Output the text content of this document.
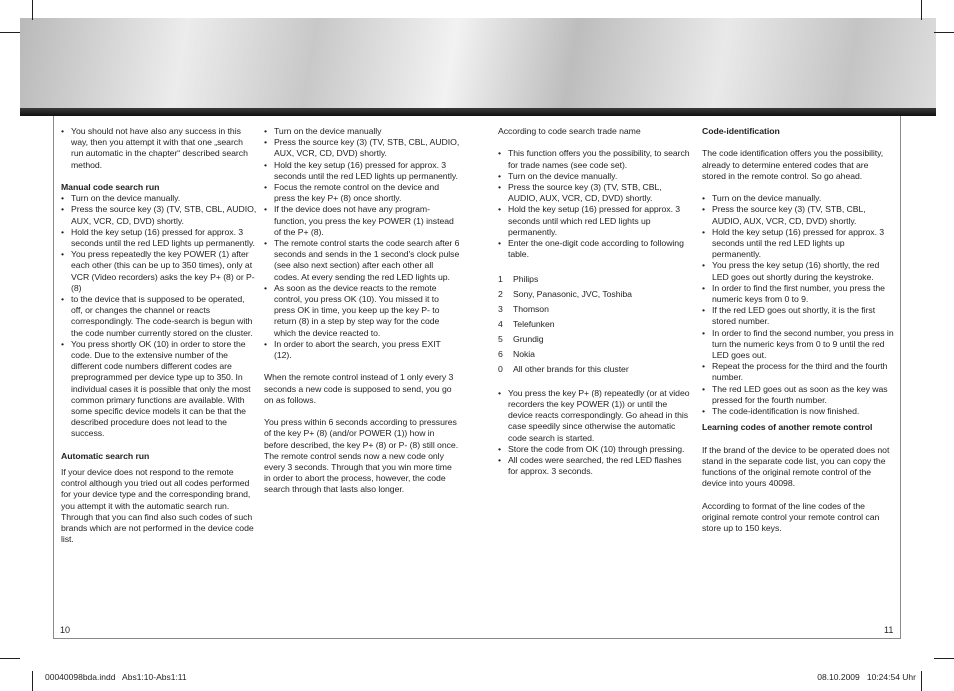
• You should not have also any success in this way, then you attempt it with that one „search run automatic in the chapter“ described search method.
Manual code search run
• Turn on the device manually.
• Press the source key (3) (TV, STB, CBL, AUDIO, AUX, VCR, CD, DVD) shortly.
• Hold the key setup (16) pressed for approx. 3 seconds until the red LED lights up permanently.
• You press repeatedly the key POWER (1) after each other (this can be up to 350 times), only at VCR (Video recorders) asks the key P+ (8) or P- (8)
• to the device that is supposed to be operated, off, or changes the channel or reacts correspondingly. The code-search is begun with the code number currently stored on the cluster.
• You press shortly OK (10) in order to store the code. Due to the extensive number of the different code numbers different codes are preprogrammed per device type up to 350. In individual cases it is possible that only the most common primary functions are available. With some specific device models it can be that the described procedure does not lead to the success.
Automatic search run

If your device does not respond to the remote control although you tried out all codes performed for your device type and the corresponding brand, you attempt it with the automatic search run. Through that you can find also such codes of such brands which are not performed in the device code list.

• Turn on the device manually
• Press the source key (3) (TV, STB, CBL, AUDIO, AUX, VCR, CD, DVD) shortly.
• Hold the key setup (16) pressed for approx. 3 seconds until the red LED lights up permanently.
• Focus the remote control on the device and press the key P+ (8) once shortly.
• If the device does not have any program-function, you press the key POWER (1) instead of the P+ (8).
• The remote control starts the code search after 6 seconds and sends in the 1 second's clock pulse (see also next section) after each other all codes. At every sending the red LED lights up.
• As soon as the device reacts to the remote control, you press OK (10). You missed it to press OK in time, you keep up the key P- to return (8) in a step by step way for the code which the device reacted to.
• In order to abort the search, you press EXIT (12).

When the remote control instead of 1 only every 3 seconds a new code is supposed to send, you go on as follows.

You press within 6 seconds according to pressures of the key P+ (8) (and/or POWER (1)) how in before described, the key P+ (8) or P- (8) still once. The remote control sends now a new code only every 3 seconds. Through that you win more time in order to abort the process, however, the code search through that lasts also longer.

According to code search trade name

• This function offers you the possibility, to search for trade names (see code set).
• Turn on the device manually.
• Press the source key (3) (TV, STB, CBL, AUDIO, AUX, VCR, CD, DVD) shortly.
• Hold the key setup (16) pressed for approx. 3 seconds until which red LED lights up permanently.
• Enter the one-digit code according to following table.
1	Philips
2	Sony, Panasonic, JVC, Toshiba
3	Thomson
4	Telefunken
5	Grundig
6	Nokia
0	All other brands for this cluster
• You press the key P+ (8) repeatedly (or at video recorders the key POWER (1)) or until the device reacts correspondingly. Go ahead in this case speedily since otherwise the automatic code search is started.
• Store the code from OK (10) through pressing.
• All codes were searched, the red LED flashes for approx. 3 seconds.
Code-identification

The code identification offers you the possibility, already to determine entered codes that are stored in the remote control. So go ahead.

• Turn on the device manually.
• Press the source key (3) (TV, STB, CBL, AUDIO, AUX, VCR, CD, DVD) shortly.
• Hold the key setup (16) pressed for approx. 3 seconds until the red LED lights up permanently.
• You press the key setup (16) shortly, the red LED goes out shortly during the keystroke.
• In order to find the first number, you press the numeric keys from 0 to 9.
• If the red LED goes out shortly, it is the first stored number.
• In order to find the second number, you press in turn the numeric keys from 0 to 9 until the red LED goes out.
• Repeat the process for the third and the fourth number.
• The red LED goes out as soon as the key was pressed for the fourth number.
• The code-identification is now finished.
Learning codes of another remote control

If the brand of the device to be operated does not stand in the separate code list, you can copy the functions of the original remote control of the device into yours 40098.

According to format of the line codes of the original remote control your remote control can store up to 150 keys.

10	11
00040098bda.indd   Abs1:10-Abs1:11	08.10.2009   10:24:54 Uhr
